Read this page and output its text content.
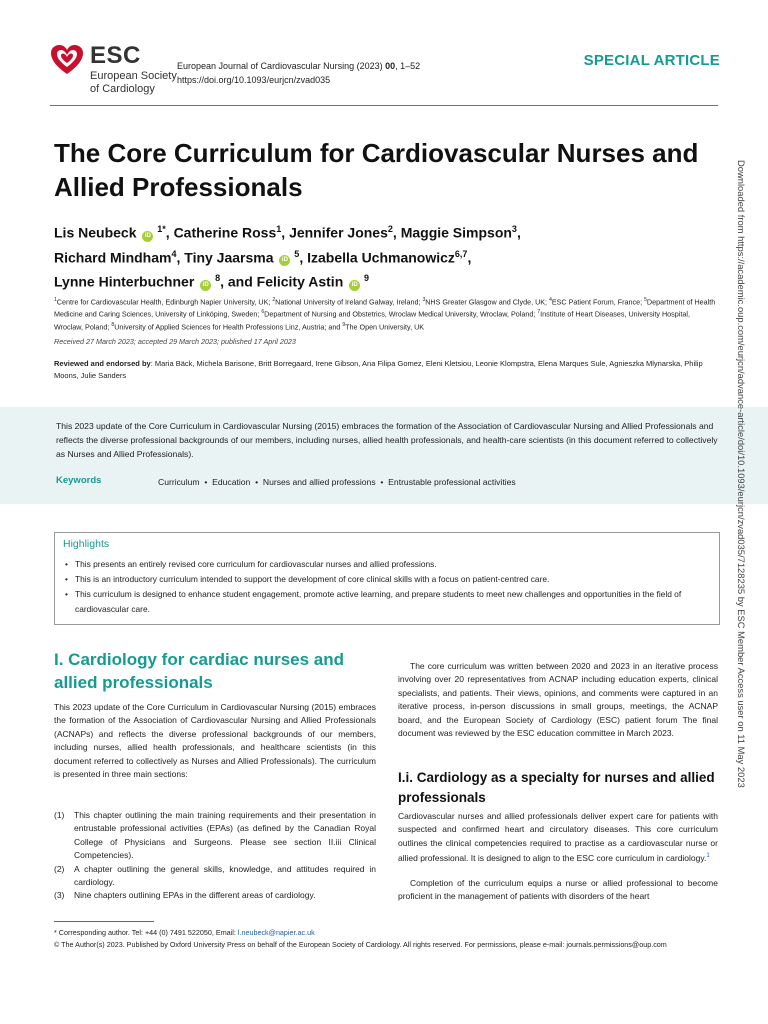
ESC
European Society
of Cardiology
European Journal of Cardiovascular Nursing (2023) 00, 1–52
https://doi.org/10.1093/eurjcn/zvad035
SPECIAL ARTICLE
The Core Curriculum for Cardiovascular Nurses and Allied Professionals
Lis Neubeck iD $^{1*}$, Catherine Ross$^1$, Jennifer Jones$^2$, Maggie Simpson$^3$,
Richard Mindham$^4$, Tiny Jaarsma iD $^5$, Izabella Uchmanowicz$^{6,7}$,
Lynne Hinterbuchner iD $^8$, and Felicity Astin iD $^9$
$^1$Centre for Cardiovascular Health, Edinburgh Napier University, UK; $^2$National University of Ireland Galway, Ireland; $^3$NHS Greater Glasgow and Clyde, UK; $^4$ESC Patient Forum, France; $^5$Department of Health Medicine and Caring Sciences, University of Linköping, Sweden; $^6$Department of Nursing and Obstetrics, Wroclaw Medical University, Wroclaw, Poland; $^7$Institute of Heart Diseases, University Hospital, Wroclaw, Poland; $^8$University of Applied Sciences for Health Professions Linz, Austria; and $^9$The Open University, UK
Received 27 March 2023; accepted 29 March 2023; published 17 April 2023
Reviewed and endorsed by: Maria Bäck, Michela Barisone, Britt Borregaard, Irene Gibson, Ana Filipa Gomez, Eleni Kletsiou, Leonie Klompstra, Elena Marques Sule, Agnieszka Mlynarska, Philip Moons, Julie Sanders
This 2023 update of the Core Curriculum in Cardiovascular Nursing (2015) embraces the formation of the Association of Cardiovascular Nursing and Allied Professionals and reflects the diverse professional backgrounds of our members, including nurses, allied health professionals, and health-care scientists (in this document referred to collectively as Nurses and Allied Professionals).
Keywords	Curriculum  •  Education  •  Nurses and allied professions  •  Entrustable professional activities
Highlights
• This presents an entirely revised core curriculum for cardiovascular nurses and allied professions.
• This is an introductory curriculum intended to support the development of core clinical skills with a focus on patient-centred care.
• This curriculum is designed to enhance student engagement, promote active learning, and prepare students to meet new challenges and opportunities in the field of cardiovascular care.
I. Cardiology for cardiac nurses and allied professionals
This 2023 update of the Core Curriculum in Cardiovascular Nursing (2015) embraces the formation of the Association of Cardiovascular Nursing and Allied Professionals (ACNAPs) and reflects the diverse professional backgrounds of our members, including nurses, allied health professionals, and healthcare scientists (in this document referred to collectively as Nurses and Allied Professionals). The curriculum is presented in three main sections:
(1)	This chapter outlining the main training requirements and their presentation in entrustable professional activities (EPAs) (as defined by the Canadian Royal College of Physicians and Surgeons. Please see section II.iii Clinical Competencies).
(2)	A chapter outlining the general skills, knowledge, and attitudes required in cardiology.
(3)	Nine chapters outlining EPAs in the different areas of cardiology.
The core curriculum was written between 2020 and 2023 in an iterative process involving over 20 representatives from ACNAP including education experts, clinical specialists, and patients. Their views, opinions, and comments were captured in an iterative process, in-person discussions in small groups, meetings, the ACNAP board, and the European Society of Cardiology (ESC) patient forum The final document was reviewed by the ESC education committee in March 2023.
I.i. Cardiology as a specialty for nurses and allied professionals
Cardiovascular nurses and allied professionals deliver expert care for patients with suspected and confirmed heart and circulatory diseases. This core curriculum outlines the clinical competencies required to practise as a cardiovascular nurse or allied professional. It is designed to align to the ESC core curriculum in cardiology.$^1$
Completion of the curriculum equips a nurse or allied professional to become proficient in the management of patients with disorders of the heart
* Corresponding author. Tel: +44 (0) 7491 522050, Email: l.neubeck@napier.ac.uk
© The Author(s) 2023. Published by Oxford University Press on behalf of the European Society of Cardiology. All rights reserved. For permissions, please e-mail: journals.permissions@oup.com
Downloaded from https://academic.oup.com/eurjcn/advance-article/doi/10.1093/eurjcn/zvad035/7128235 by ESC Member Access user on 11 May 2023
